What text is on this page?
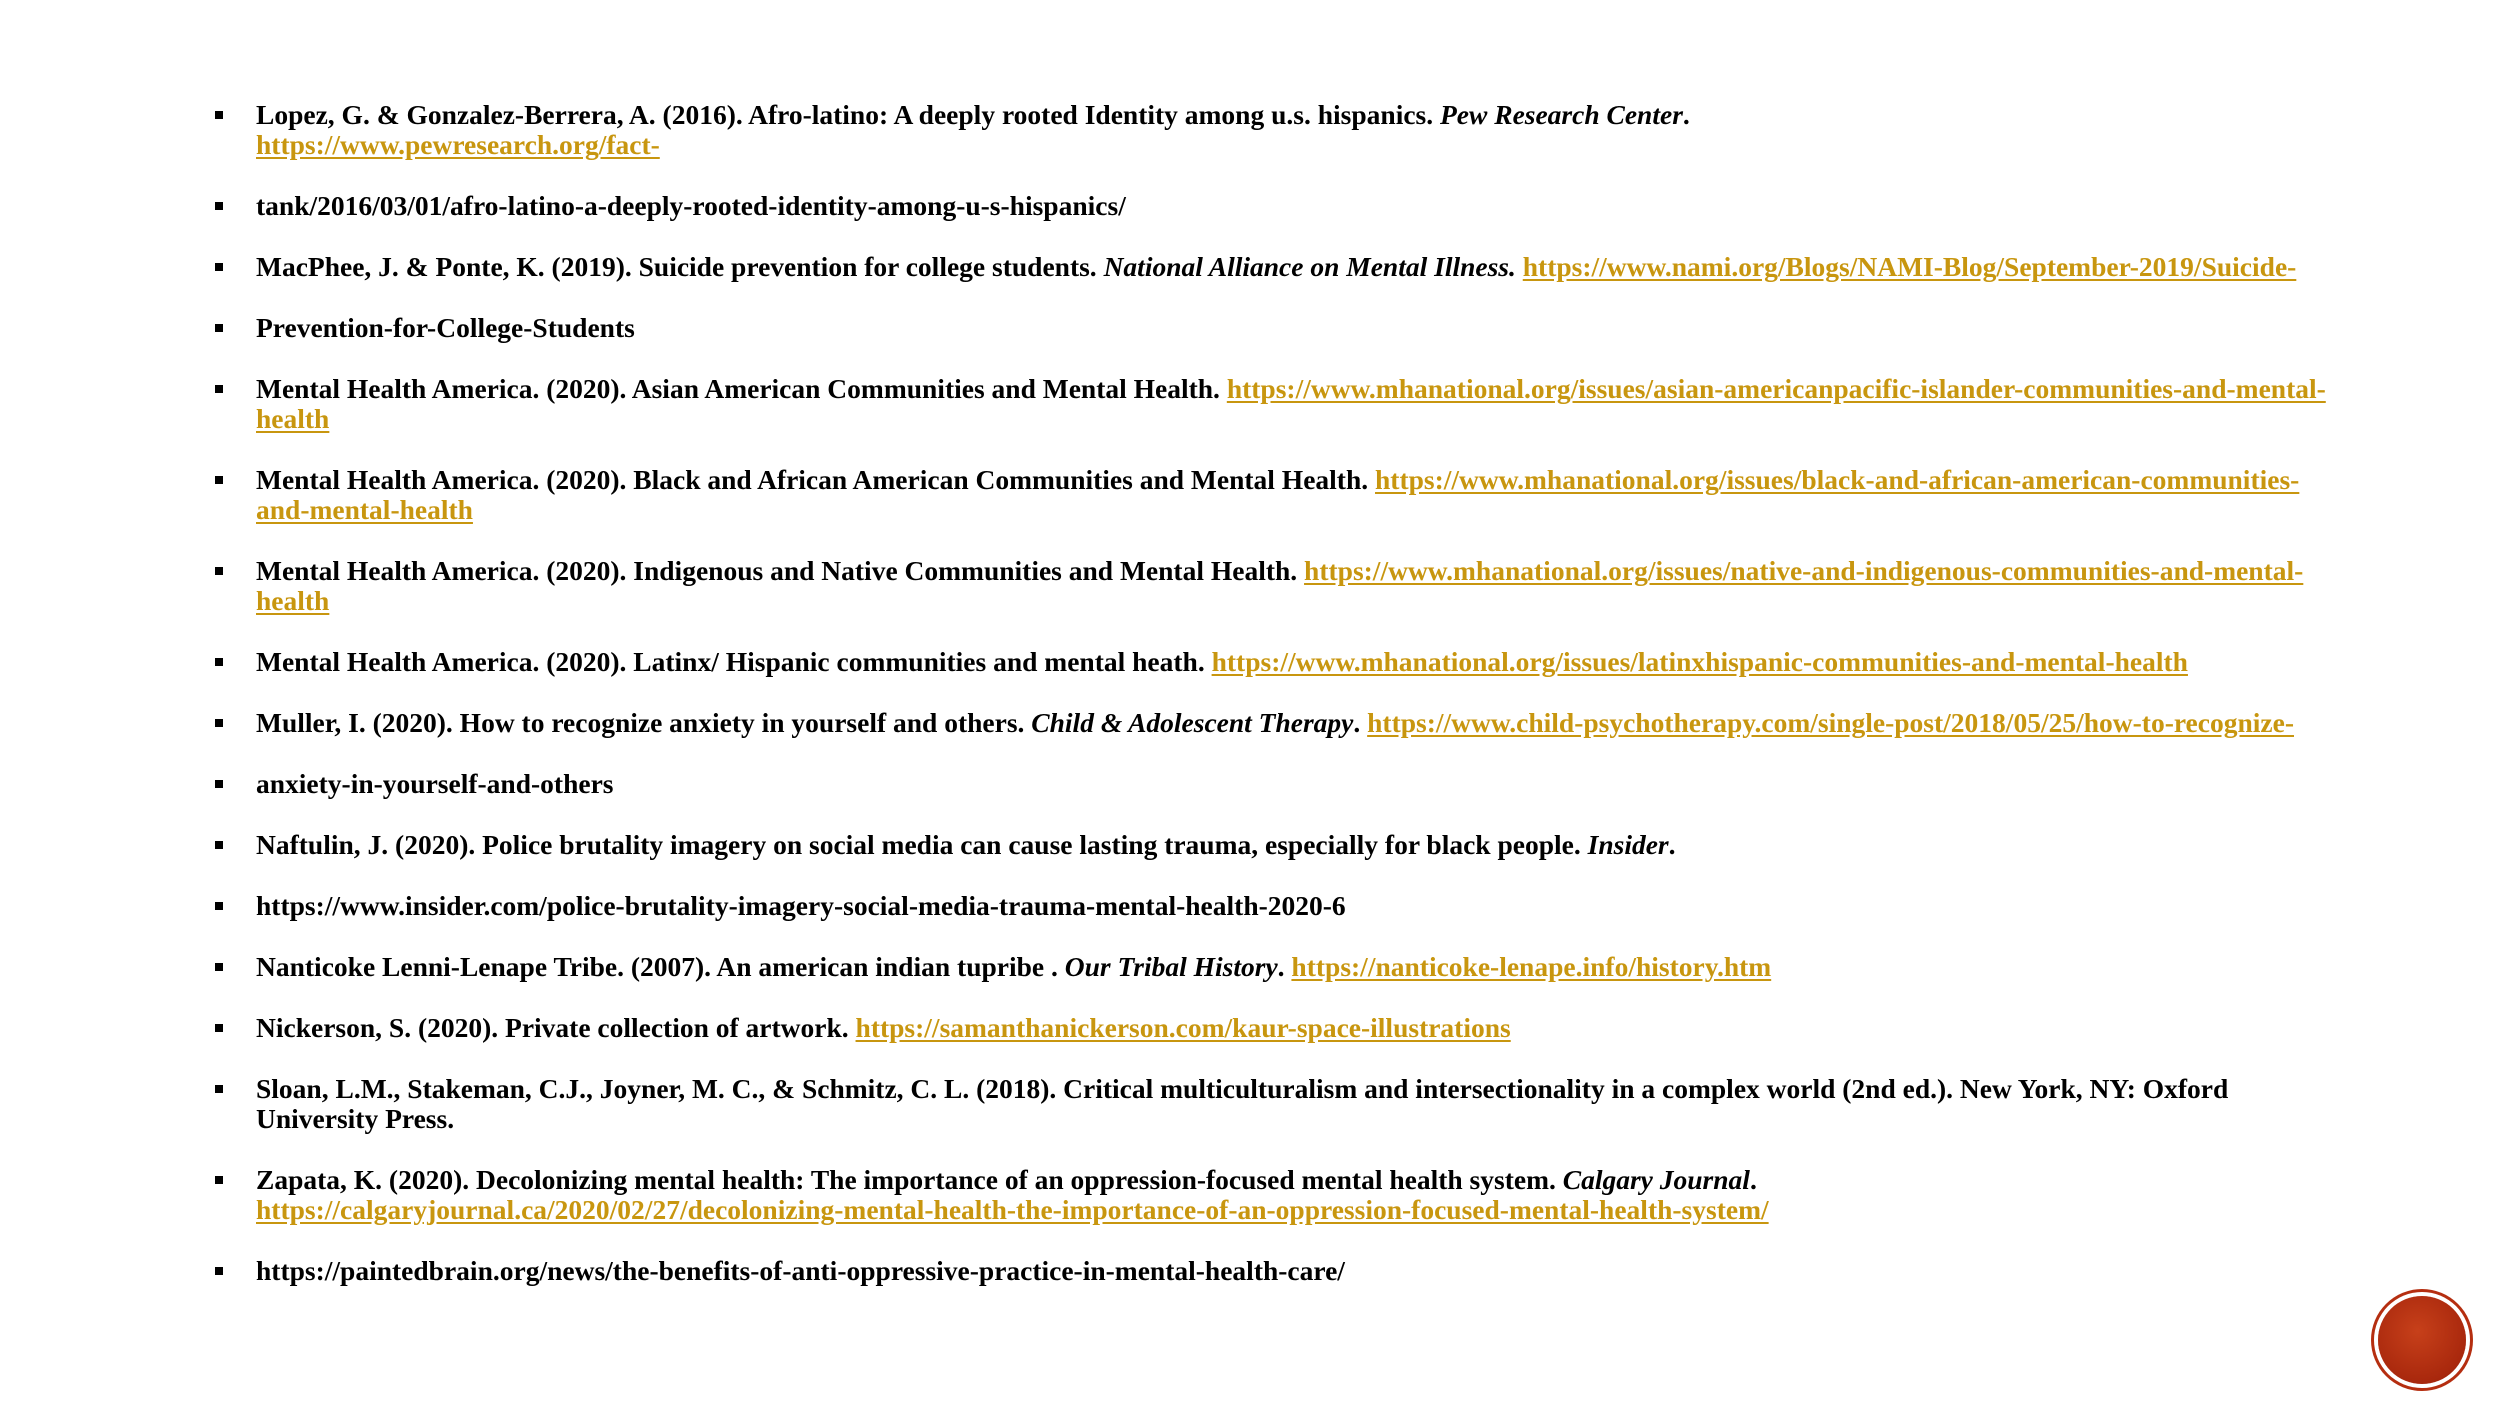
Lopez, G. & Gonzalez-Berrera, A. (2016). Afro-latino: A deeply rooted Identity among u.s. hispanics. Pew Research Center.
https://www.pewresearch.org/fact-
tank/2016/03/01/afro-latino-a-deeply-rooted-identity-among-u-s-hispanics/
MacPhee, J. & Ponte, K. (2019). Suicide prevention for college students. National Alliance on Mental Illness. https://www.nami.org/Blogs/NAMI-Blog/September-2019/Suicide-
Prevention-for-College-Students
Mental Health America. (2020). Asian American Communities and Mental Health. https://www.mhanational.org/issues/asian-americanpacific-islander-communities-and-mental-health
Mental Health America. (2020). Black and African American Communities and Mental Health. https://www.mhanational.org/issues/black-and-african-american-communities-and-mental-health
Mental Health America. (2020). Indigenous and Native Communities and Mental Health. https://www.mhanational.org/issues/native-and-indigenous-communities-and-mental-health
Mental Health America. (2020). Latinx/ Hispanic communities and mental heath. https://www.mhanational.org/issues/latinxhispanic-communities-and-mental-health
Muller, I. (2020). How to recognize anxiety in yourself and others. Child & Adolescent Therapy. https://www.child-psychotherapy.com/single-post/2018/05/25/how-to-recognize-
anxiety-in-yourself-and-others
Naftulin, J. (2020). Police brutality imagery on social media can cause lasting trauma, especially for black people. Insider.
https://www.insider.com/police-brutality-imagery-social-media-trauma-mental-health-2020-6
Nanticoke Lenni-Lenape Tribe. (2007). An american indian tupribe . Our Tribal History. https://nanticoke-lenape.info/history.htm
Nickerson, S. (2020). Private collection of artwork. https://samanthanickerson.com/kaur-space-illustrations
Sloan, L.M., Stakeman, C.J., Joyner, M. C., & Schmitz, C. L. (2018). Critical multiculturalism and intersectionality in a complex world (2nd ed.). New York, NY: Oxford University Press.
Zapata, K. (2020). Decolonizing mental health: The importance of an oppression-focused mental health system. Calgary Journal.
https://calgaryjournal.ca/2020/02/27/decolonizing-mental-health-the-importance-of-an-oppression-focused-mental-health-system/
https://paintedbrain.org/news/the-benefits-of-anti-oppressive-practice-in-mental-health-care/
